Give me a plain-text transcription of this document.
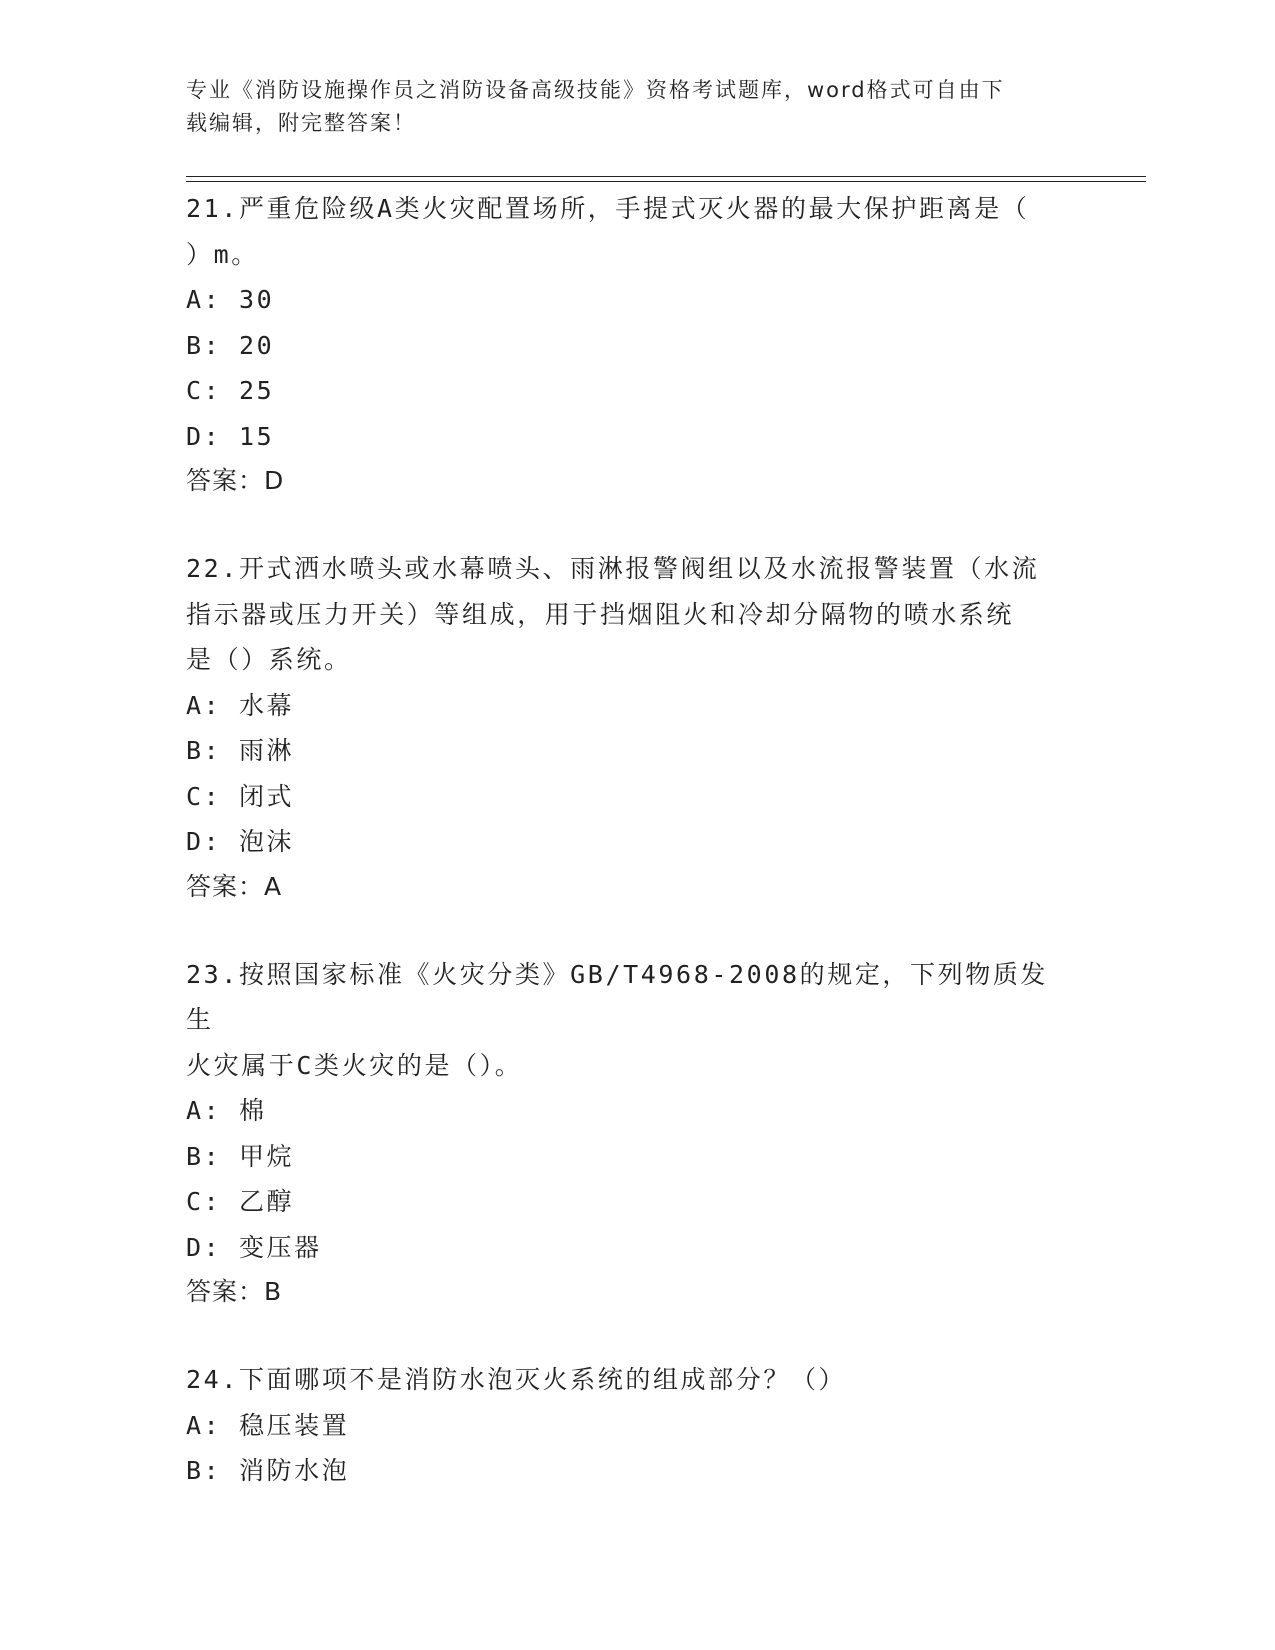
专业《消防设施操作员之消防设备高级技能》资格考试题库，word格式可自由下
载编辑，附完整答案！
21.严重危险级A类火灾配置场所，手提式灭火器的最大保护距离是（
）m。
A: 30
B: 20
C: 25
D: 15
答案：D
22.开式洒水喷头或水幕喷头、雨淋报警阀组以及水流报警装置（水流
指示器或压力开关）等组成，用于挡烟阻火和冷却分隔物的喷水系统
是（）系统。
A: 水幕
B: 雨淋
C: 闭式
D: 泡沫
答案：A
23.按照国家标准《火灾分类》GB/T4968-2008的规定，下列物质发生
火灾属于C类火灾的是（）。
A: 棉
B: 甲烷
C: 乙醇
D: 变压器
答案：B
24.下面哪项不是消防水泡灭火系统的组成部分？（）
A: 稳压装置
B: 消防水泡
